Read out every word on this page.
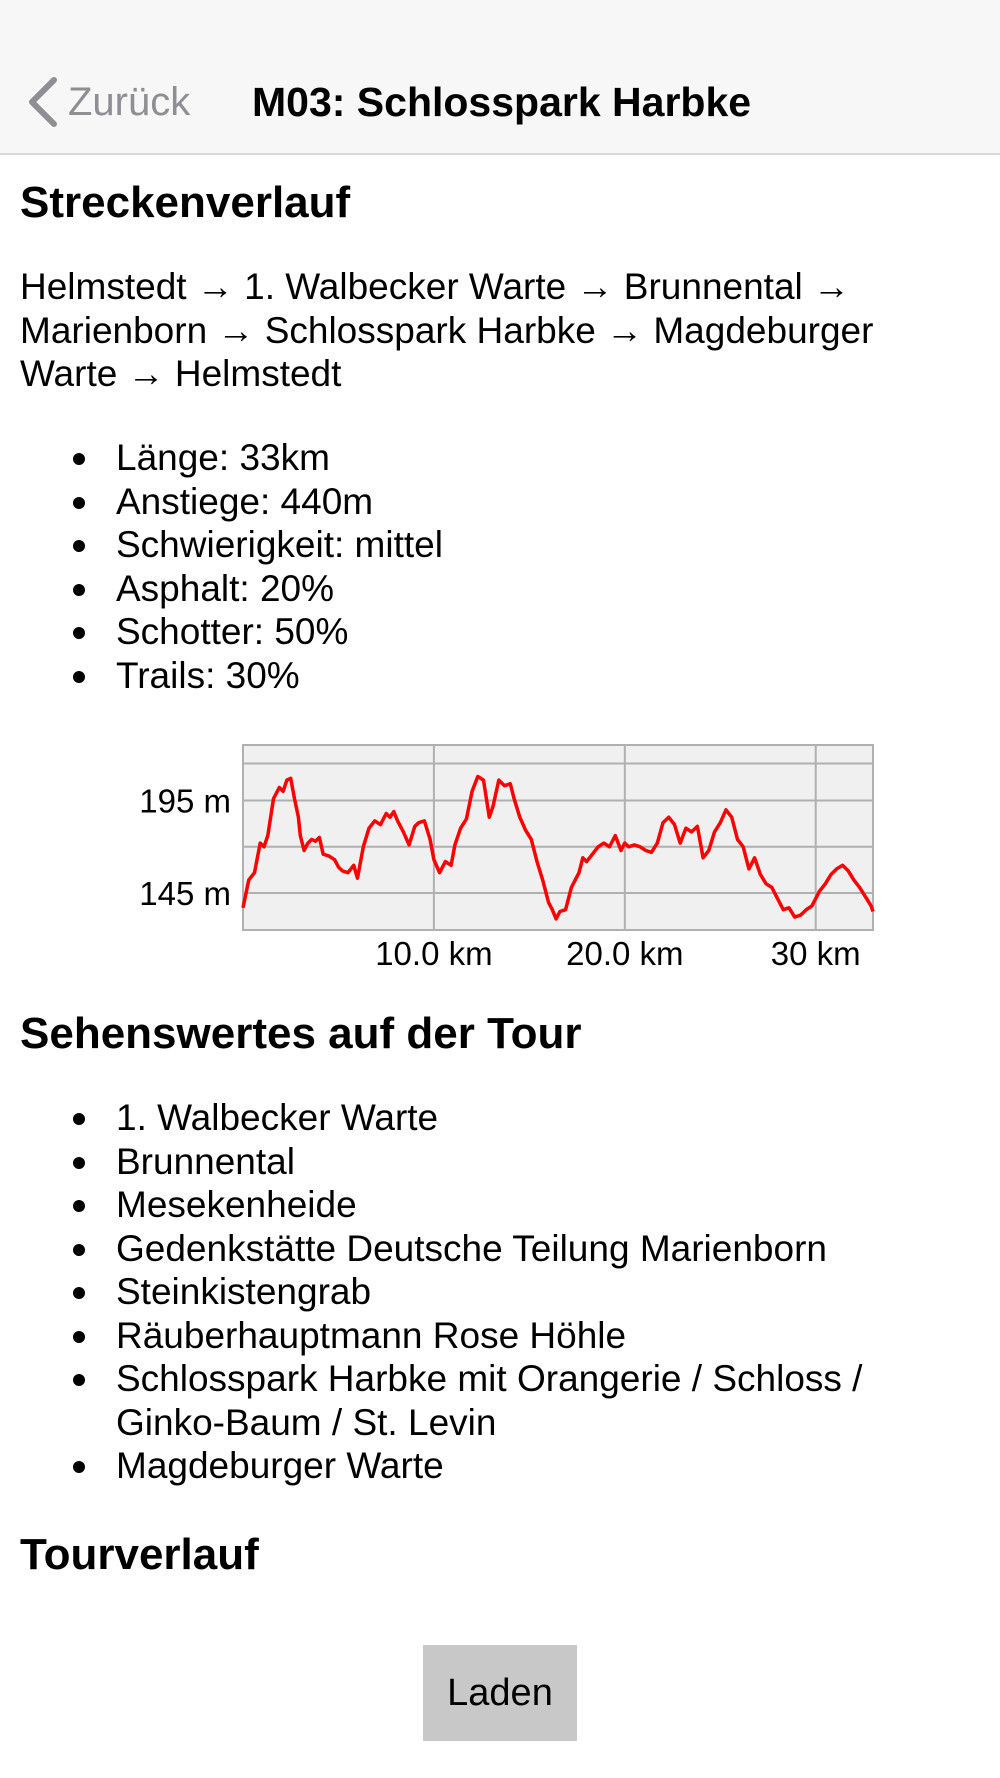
Zurück M03: Schlosspark Harbke
Streckenverlauf

Helmstedt → 1. Walbecker Warte → Brunnental → Marienborn → Schlosspark Harbke → Magdeburger Warte → Helmstedt

Länge: 33km
Anstiege: 440m
Schwierigkeit: mittel
Asphalt: 20%
Schotter: 50%
Trails: 30%
195 m
145 m
10.0 km 20.0 km	30 km
Sehenswertes auf der Tour
1. Walbecker Warte
Brunnental
Mesekenheide
Gedenkstätte Deutsche Teilung Marienborn
Steinkistengrab
Räuberhauptmann Rose Höhle
Schlosspark Harbke mit Orangerie / Schloss / Ginko-Baum / St. Levin
Magdeburger Warte
Tourverlauf
Laden
